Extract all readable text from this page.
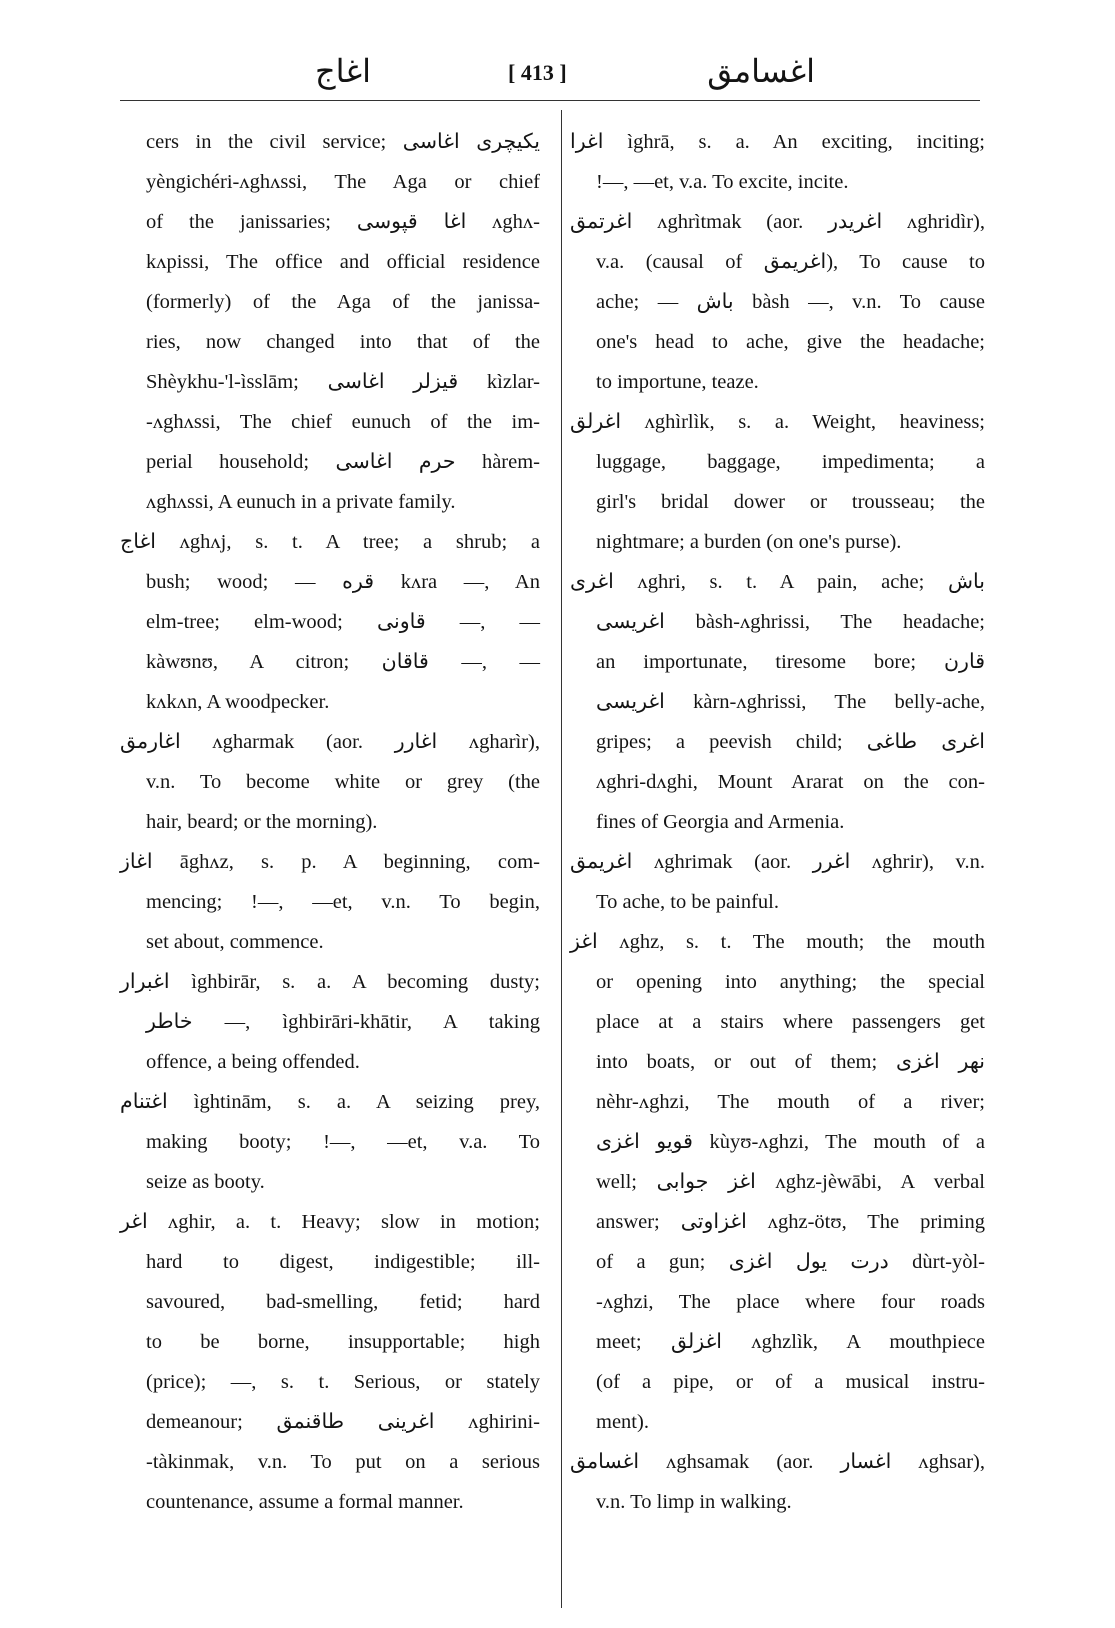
اغاج	[ 413 ]	اغسامق
cers in the civil service; یکیچری اغاسی
yèngichéri-ʌghʌssi, The Aga or chief
of the janissaries; اغا قپوسی ʌghʌ-
kʌpissi, The office and official residence
(formerly) of the Aga of the janissa-
ries, now changed into that of the
Shèykhu-'l-ìsslām; قیزلر اغاسی kìzlar-
-ʌghʌssi, The chief eunuch of the im-
perial household; حرم اغاسی hàrem-
ʌghʌssi, A eunuch in a private family.
اغاج ʌghʌj, s. t. A tree; a shrub; a
bush; wood; — قره kʌra —, An
elm-tree; elm-wood; قاونی —, —
kàwʊnʊ, A citron; قاقان —, —
kʌkʌn, A woodpecker.
اغارمق ʌgharmak (aor. اغارر ʌgharìr),
v.n. To become white or grey (the
hair, beard; or the morning).
اغاز āghʌz, s. p. A beginning, com-
mencing; !—, —et, v.n. To begin,
set about, commence.
اغبرار ìghbirār, s. a. A becoming dusty;
خاطر —, ìghbirāri-khātir, A taking
offence, a being offended.
اغتنام ìghtinām, s. a. A seizing prey,
making booty; !—, —et, v.a. To
seize as booty.
اغر ʌghir, a. t. Heavy; slow in motion;
hard to digest, indigestible; ill-
savoured, bad-smelling, fetid; hard
to be borne, insupportable; high
(price); —, s. t. Serious, or stately
demeanour; اغرینی طاقنمق ʌghirini-
-tàkinmak, v.n. To put on a serious
countenance, assume a formal manner.
اغرا ìghrā, s. a. An exciting, inciting;
!—, —et, v.a. To excite, incite.
اغرتمق ʌghrìtmak (aor. اغریدر ʌghridìr),
v.a. (causal of اغریمق), To cause to
ache; — باش bàsh —, v.n. To cause
one's head to ache, give the headache;
to importune, teaze.
اغرلق ʌghìrlìk, s. a. Weight, heaviness;
luggage, baggage, impedimenta; a
girl's bridal dower or trousseau; the
nightmare; a burden (on one's purse).
اغری ʌghri, s. t. A pain, ache; باش
اغریسی bàsh-ʌghrissi, The headache;
an importunate, tiresome bore; قارن
اغریسی kàrn-ʌghrissi, The belly-ache,
gripes; a peevish child; اغری طاغی
ʌghri-dʌghi, Mount Ararat on the con-
fines of Georgia and Armenia.
اغریمق ʌghrimak (aor. اغرر ʌghrir), v.n.
To ache, to be painful.
اغز ʌghz, s. t. The mouth; the mouth
or opening into anything; the special
place at a stairs where passengers get
into boats, or out of them; نهر اغزی
nèhr-ʌghzi, The mouth of a river;
قویو اغزی kùyʊ-ʌghzi, The mouth of a
well; اغز جوابی ʌghz-jèwābi, A verbal
answer; اغزاوتی ʌghz-ötʊ, The priming
of a gun; درت یول اغزی dùrt-yòl-
-ʌghzi, The place where four roads
meet; اغزلق ʌghzlìk, A mouthpiece
(of a pipe, or of a musical instru-
ment).
اغسامق ʌghsamak (aor. اغسار ʌghsar),
v.n. To limp in walking.
